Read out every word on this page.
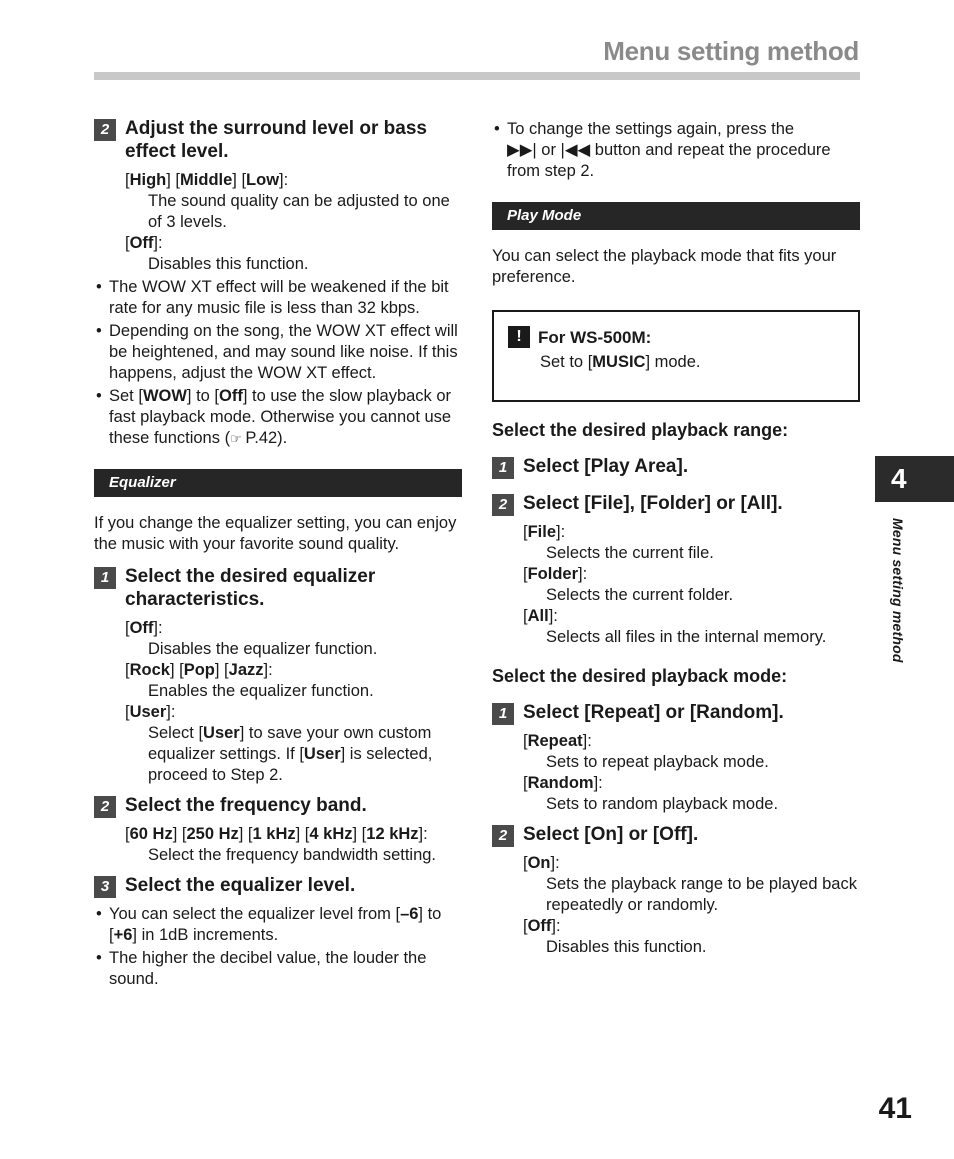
Menu setting method
2 Adjust the surround level or bass effect level.
[High] [Middle] [Low]:
The sound quality can be adjusted to one of 3 levels.
[Off]:
Disables this function.
• The WOW XT effect will be weakened if the bit rate for any music file is less than 32 kbps.
• Depending on the song, the WOW XT effect will be heightened, and may sound like noise. If this happens, adjust the WOW XT effect.
• Set [WOW] to [Off] to use the slow playback or fast playback mode. Otherwise you cannot use these functions (☞ P.42).
Equalizer
If you change the equalizer setting, you can enjoy the music with your favorite sound quality.
1 Select the desired equalizer characteristics.
[Off]:
Disables the equalizer function.
[Rock] [Pop] [Jazz]:
Enables the equalizer function.
[User]:
Select [User] to save your own custom equalizer settings. If [User] is selected, proceed to Step 2.
2 Select the frequency band.
[60 Hz] [250 Hz] [1 kHz] [4 kHz] [12 kHz]:
Select the frequency bandwidth setting.
3 Select the equalizer level.
• You can select the equalizer level from [–6] to [+6] in 1dB increments.
• The higher the decibel value, the louder the sound.
• To change the settings again, press the
▶▶| or |◀◀ button and repeat the procedure from step 2.
Play Mode
You can select the playback mode that fits your preference.
! For WS-500M:
Set to [MUSIC] mode.
Select the desired playback range:
1 Select [Play Area].
2 Select [File], [Folder] or [All].
[File]:
Selects the current file.
[Folder]:
Selects the current folder.
[All]:
Selects all files in the internal memory.
Select the desired playback mode:
1 Select [Repeat] or [Random].
[Repeat]:
Sets to repeat playback mode.
[Random]:
Sets to random playback mode.
2 Select [On] or [Off].
[On]:
Sets the playback range to be played back repeatedly or randomly.
[Off]:
Disables this function.
4
Menu setting method
41
